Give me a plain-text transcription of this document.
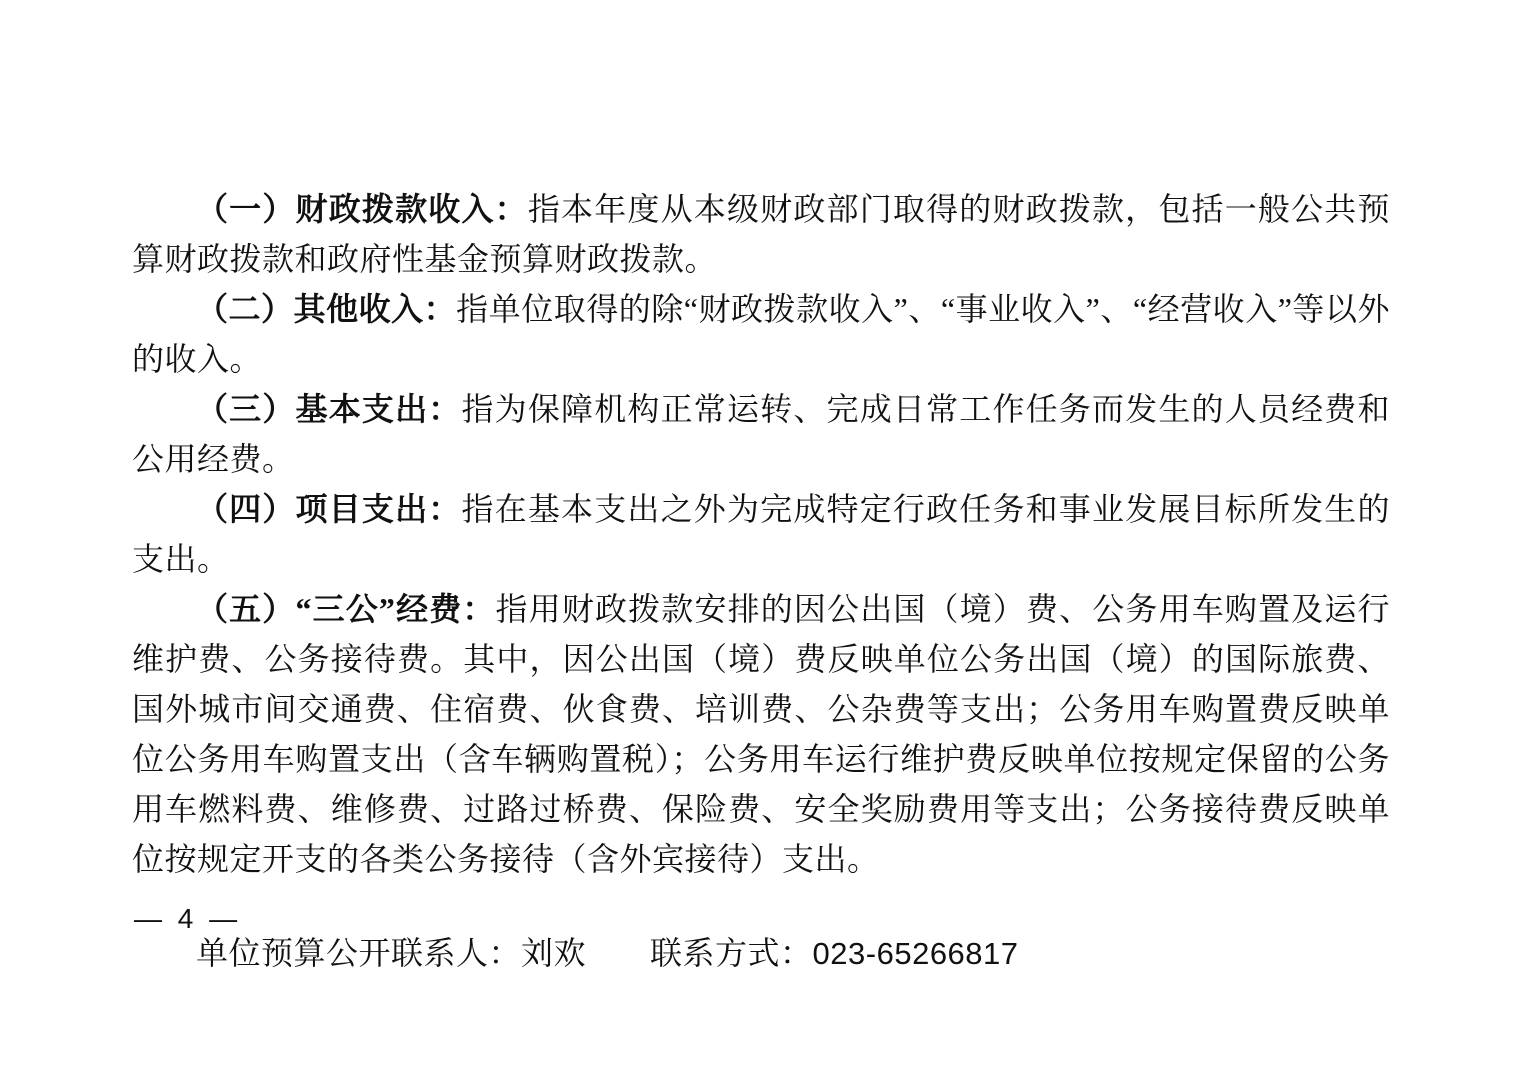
（一）财政拨款收入：指本年度从本级财政部门取得的财政拨款，包括一般公共预算财政拨款和政府性基金预算财政拨款。

（二）其他收入：指单位取得的除“财政拨款收入”、“事业收入”、“经营收入”等以外的收入。

（三）基本支出：指为保障机构正常运转、完成日常工作任务而发生的人员经费和公用经费。

（四）项目支出：指在基本支出之外为完成特定行政任务和事业发展目标所发生的支出。

（五）“三公”经费：指用财政拨款安排的因公出国（境）费、公务用车购置及运行维护费、公务接待费。其中，因公出国（境）费反映单位公务出国（境）的国际旅费、国外城市间交通费、住宿费、伙食费、培训费、公杂费等支出；公务用车购置费反映单位公务用车购置支出（含车辆购置税）；公务用车运行维护费反映单位按规定保留的公务用车燃料费、维修费、过路过桥费、保险费、安全奖励费用等支出；公务接待费反映单位按规定开支的各类公务接待（含外宾接待）支出。

单位预算公开联系人：刘欢 联系方式：023-65266817

— 4 —
